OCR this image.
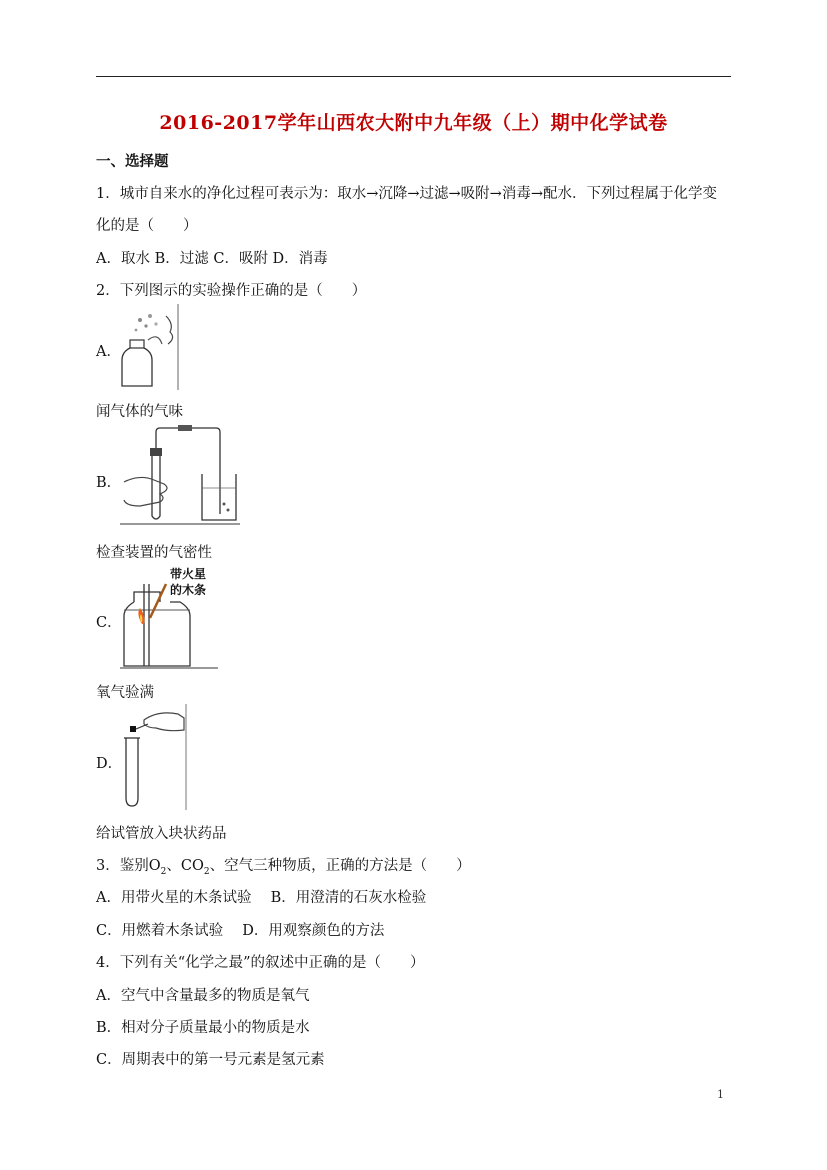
2016-2017学年山西农大附中九年级（上）期中化学试卷
一、选择题
1．城市自来水的净化过程可表示为：取水→沉降→过滤→吸附→消毒→配水．下列过程属于化学变
化的是（　　）
A．取水 B．过滤 C．吸附 D．消毒
2．下列图示的实验操作正确的是（　　）
A．
闻气体的气味
B．
检查装置的气密性
C．
带火星
的木条
氧气验满
D．
给试管放入块状药品
3．鉴别$O_2$、$CO_2$、空气三种物质，正确的方法是（　　）
A．用带火星的木条试验　 B．用澄清的石灰水检验
C．用燃着木条试验　 D．用观察颜色的方法
4．下列有关“化学之最”的叙述中正确的是（　　）
A．空气中含量最多的物质是氧气
B．相对分子质量最小的物质是水
C．周期表中的第一号元素是氢元素
1
